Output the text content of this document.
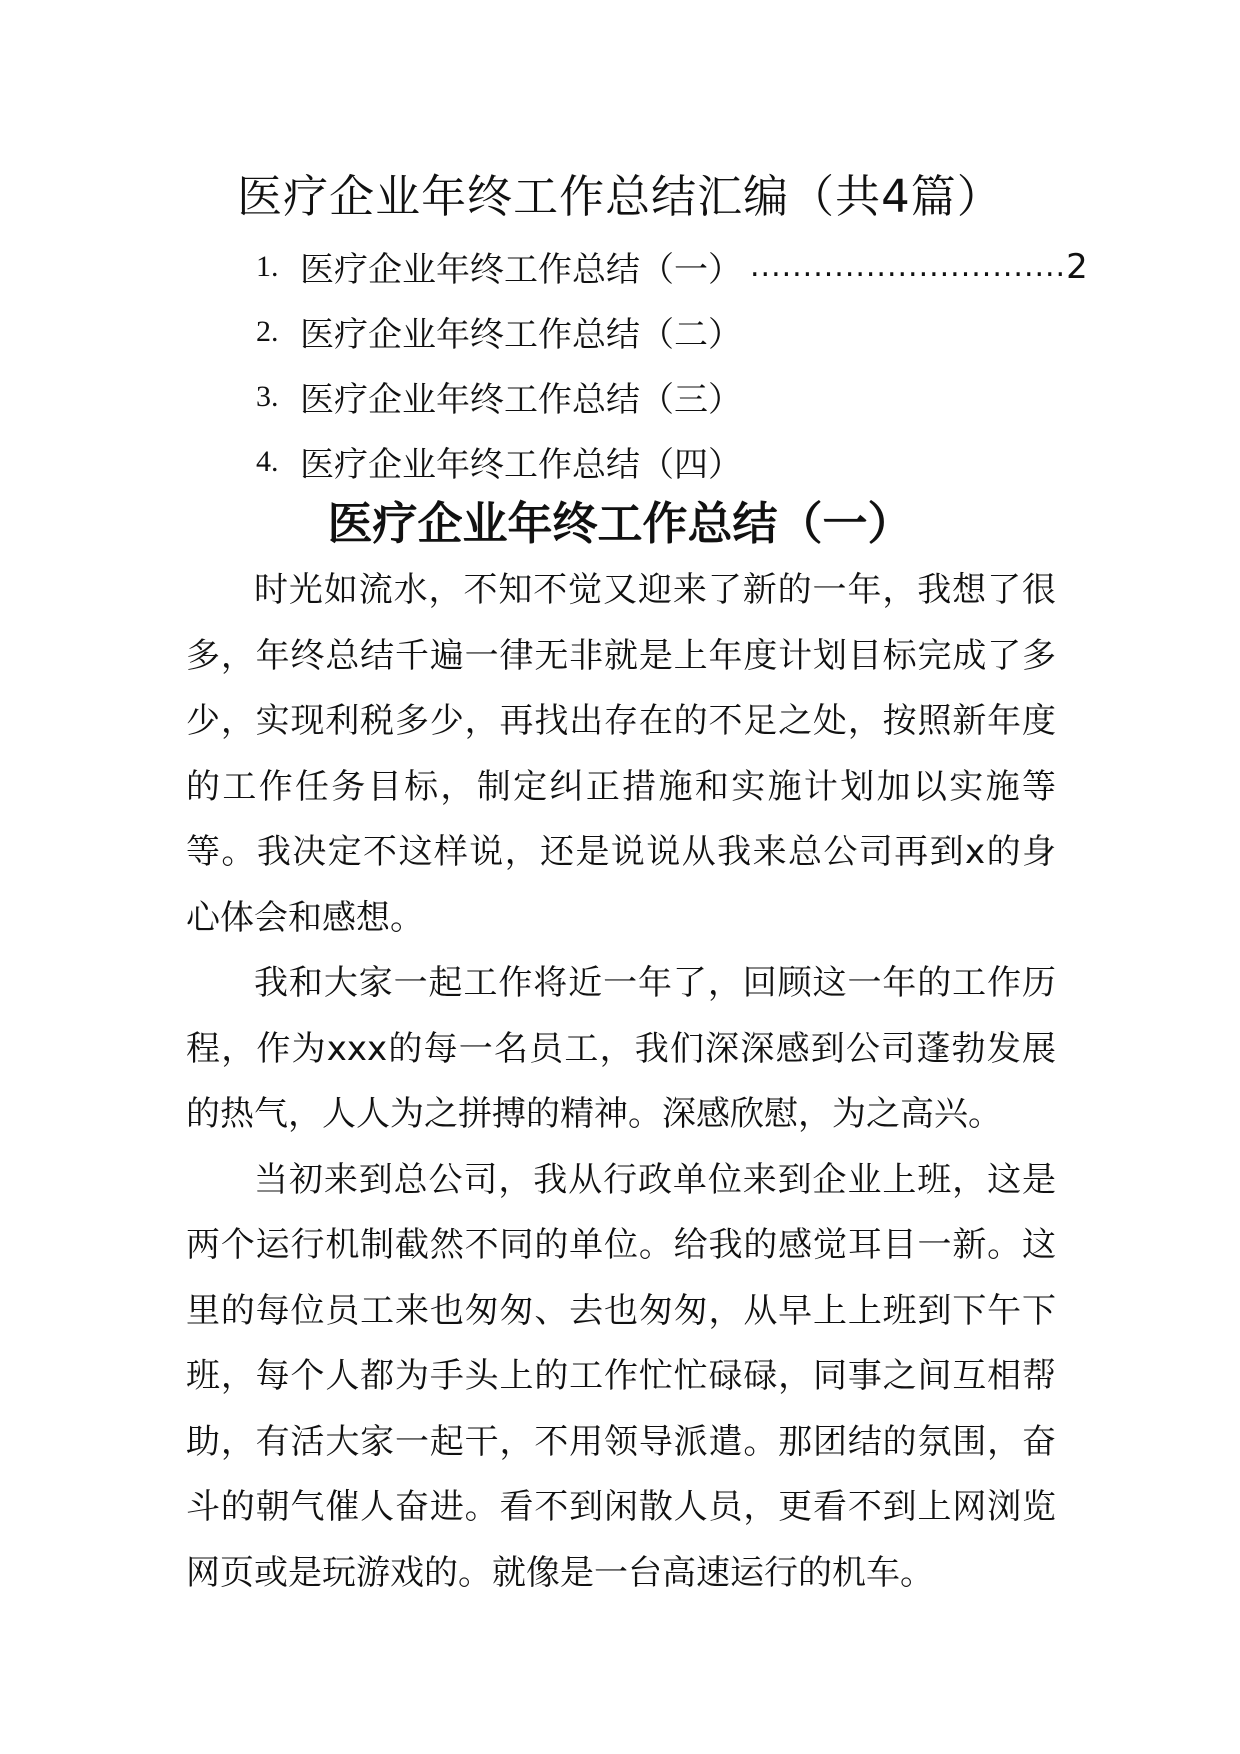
医疗企业年终工作总结汇编（共4篇）
1. 医疗企业年终工作总结（一） .............................. 2
2. 医疗企业年终工作总结（二）
3. 医疗企业年终工作总结（三）
4. 医疗企业年终工作总结（四）
医疗企业年终工作总结（一）

时光如流水，不知不觉又迎来了新的一年，我想了很多，年终总结千遍一律无非就是上年度计划目标完成了多少，实现利税多少，再找出存在的不足之处，按照新年度的工作任务目标，制定纠正措施和实施计划加以实施等等。我决定不这样说，还是说说从我来总公司再到x的身心体会和感想。

我和大家一起工作将近一年了，回顾这一年的工作历程，作为xxx的每一名员工，我们深深感到公司蓬勃发展的热气，人人为之拼搏的精神。深感欣慰，为之高兴。

当初来到总公司，我从行政单位来到企业上班，这是两个运行机制截然不同的单位。给我的感觉耳目一新。这里的每位员工来也匆匆、去也匆匆，从早上上班到下午下班，每个人都为手头上的工作忙忙碌碌，同事之间互相帮助，有活大家一起干，不用领导派遣。那团结的氛围，奋斗的朝气催人奋进。看不到闲散人员，更看不到上网浏览网页或是玩游戏的。就像是一台高速运行的机车。
